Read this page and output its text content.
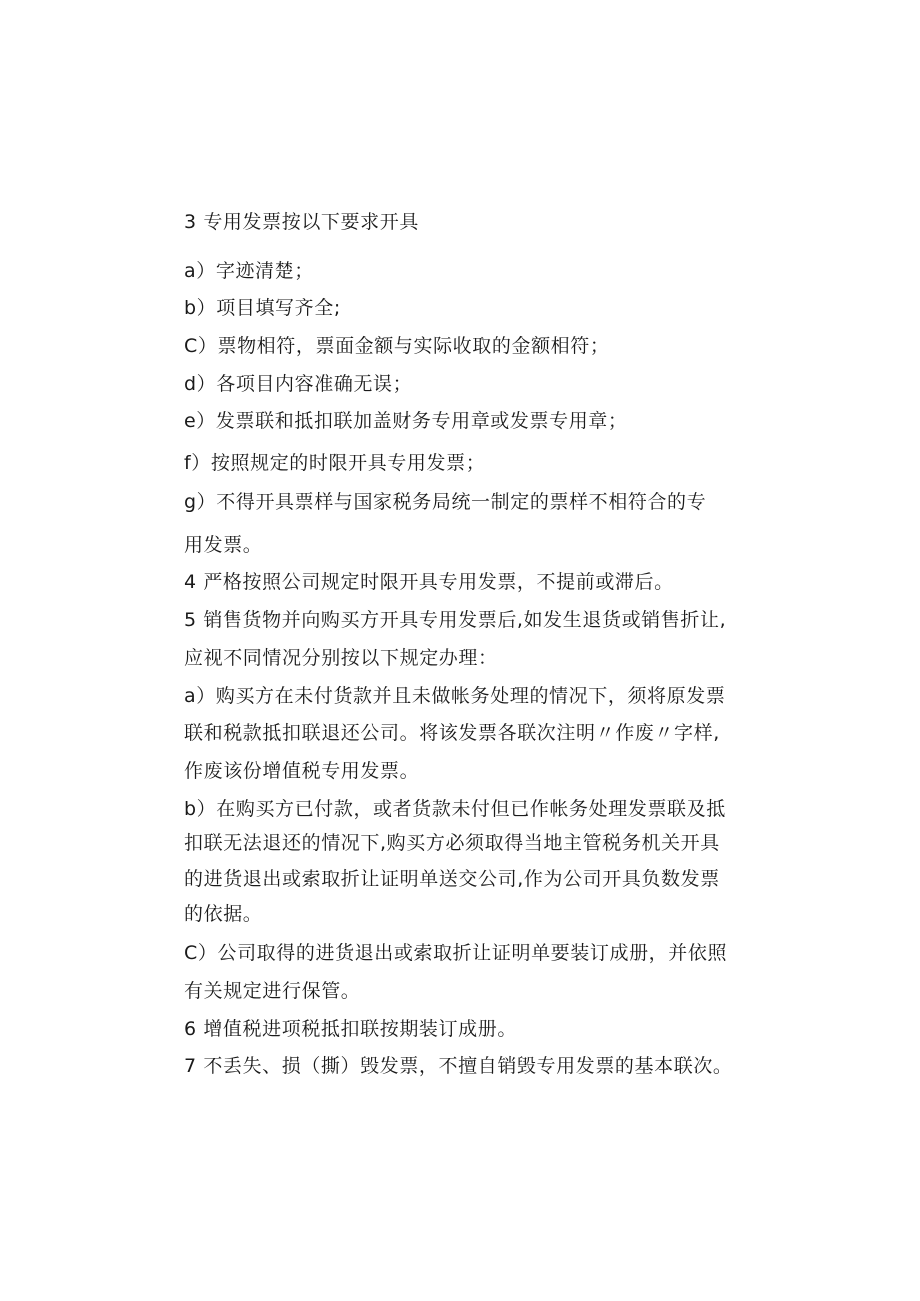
3 专用发票按以下要求开具
a）字迹清楚；
b）项目填写齐全;
C）票物相符，票面金额与实际收取的金额相符；
d）各项目内容准确无误；
e）发票联和抵扣联加盖财务专用章或发票专用章；
f）按照规定的时限开具专用发票；
g）不得开具票样与国家税务局统一制定的票样不相符合的专
用发票。
4 严格按照公司规定时限开具专用发票，不提前或滞后。
5 销售货物并向购买方开具专用发票后,如发生退货或销售折让,
应视不同情况分别按以下规定办理：
a）购买方在未付货款并且未做帐务处理的情况下，须将原发票
联和税款抵扣联退还公司。将该发票各联次注明〃作废〃字样,
作废该份增值税专用发票。
b）在购买方已付款，或者货款未付但已作帐务处理发票联及抵
扣联无法退还的情况下,购买方必须取得当地主管税务机关开具
的进货退出或索取折让证明单送交公司,作为公司开具负数发票
的依据。
C）公司取得的进货退出或索取折让证明单要装订成册，并依照
有关规定进行保管。
6 增值税进项税抵扣联按期装订成册。
7 不丢失、损（撕）毁发票，不擅自销毁专用发票的基本联次。
